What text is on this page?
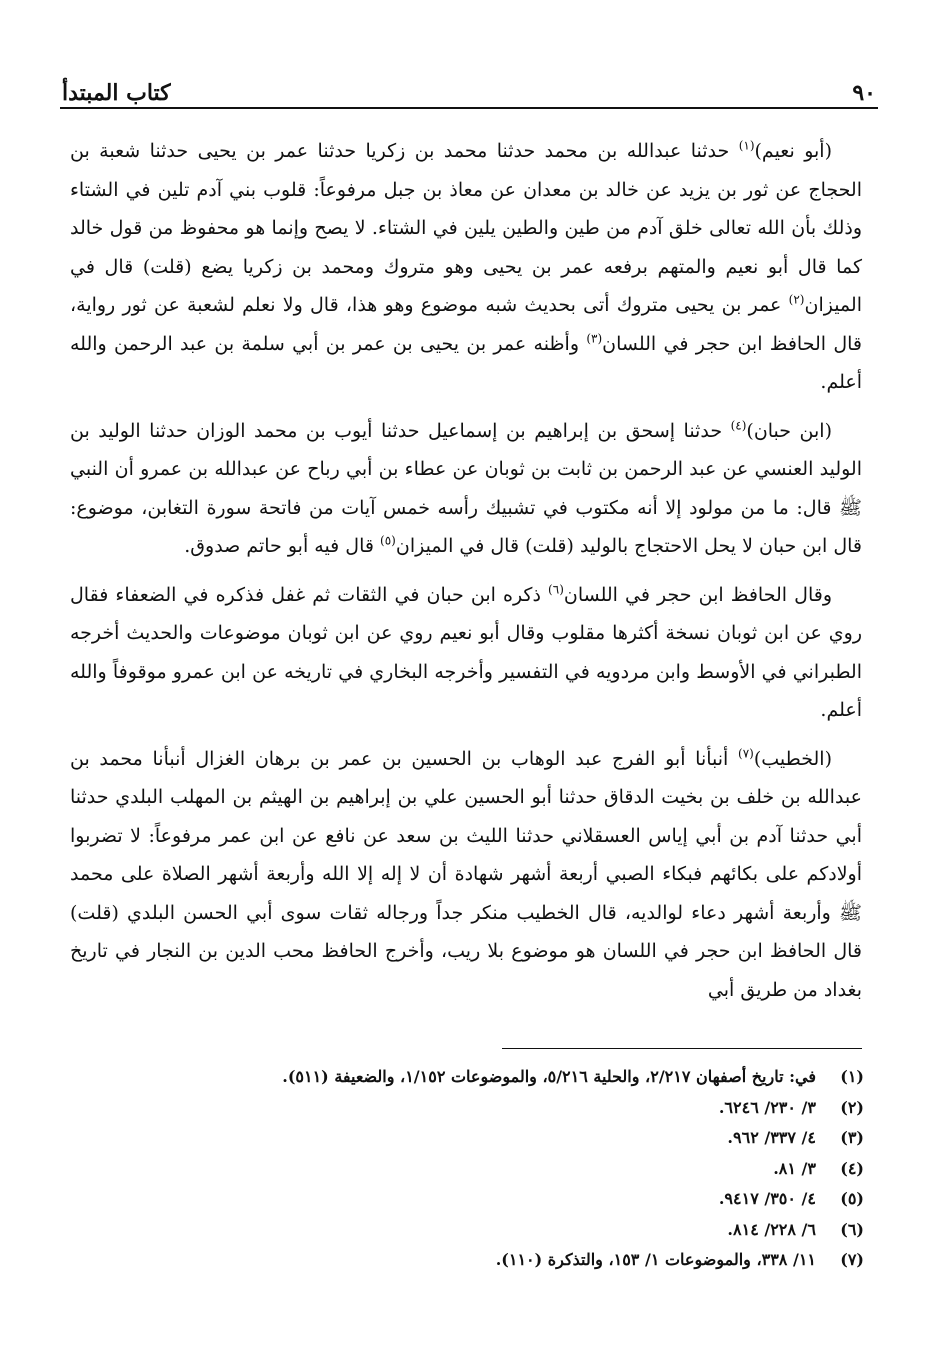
٩٠
كتاب المبتدأ

(أبو نعيم)$^{(١)}$ حدثنا عبدالله بن محمد حدثنا محمد بن زكريا حدثنا عمر بن يحيى حدثنا شعبة بن الحجاج عن ثور بن يزيد عن خالد بن معدان عن معاذ بن جبل مرفوعاً: قلوب بني آدم تلين في الشتاء وذلك بأن الله تعالى خلق آدم من طين والطين يلين في الشتاء. لا يصح وإنما هو محفوظ من قول خالد كما قال أبو نعيم والمتهم برفعه عمر بن يحيى وهو متروك ومحمد بن زكريا يضع (قلت) قال في الميزان$^{(٢)}$ عمر بن يحيى متروك أتى بحديث شبه موضوع وهو هذا، قال ولا نعلم لشعبة عن ثور رواية، قال الحافظ ابن حجر في اللسان$^{(٣)}$ وأظنه عمر بن يحيى بن عمر بن أبي سلمة بن عبد الرحمن والله أعلم.

(ابن حبان)$^{(٤)}$ حدثنا إسحق بن إبراهيم بن إسماعيل حدثنا أيوب بن محمد الوزان حدثنا الوليد بن الوليد العنسي عن عبد الرحمن بن ثابت بن ثوبان عن عطاء بن أبي رباح عن عبدالله بن عمرو أن النبي ﷺ قال: ما من مولود إلا أنه مكتوب في تشبيك رأسه خمس آيات من فاتحة سورة التغابن، موضوع: قال ابن حبان لا يحل الاحتجاج بالوليد (قلت) قال في الميزان$^{(٥)}$ قال فيه أبو حاتم صدوق.

وقال الحافظ ابن حجر في اللسان$^{(٦)}$ ذكره ابن حبان في الثقات ثم غفل فذكره في الضعفاء فقال روي عن ابن ثوبان نسخة أكثرها مقلوب وقال أبو نعيم روي عن ابن ثوبان موضوعات والحديث أخرجه الطبراني في الأوسط وابن مردويه في التفسير وأخرجه البخاري في تاريخه عن ابن عمرو موقوفاً والله أعلم.

(الخطيب)$^{(٧)}$ أنبأنا أبو الفرج عبد الوهاب بن الحسين بن عمر بن برهان الغزال أنبأنا محمد بن عبدالله بن خلف بن بخيت الدقاق حدثنا أبو الحسين علي بن إبراهيم بن الهيثم بن المهلب البلدي حدثنا أبي حدثنا آدم بن أبي إياس العسقلاني حدثنا الليث بن سعد عن نافع عن ابن عمر مرفوعاً: لا تضربوا أولادكم على بكائهم فبكاء الصبي أربعة أشهر شهادة أن لا إله إلا الله وأربعة أشهر الصلاة على محمد ﷺ وأربعة أشهر دعاء لوالديه، قال الخطيب منكر جداً ورجاله ثقات سوى أبي الحسن البلدي (قلت) قال الحافظ ابن حجر في اللسان هو موضوع بلا ريب، وأخرج الحافظ محب الدين بن النجار في تاريخ بغداد من طريق أبي

(١)
في: تاريخ أصفهان ٢/٢١٧، والحلية ٥/٢١٦، والموضوعات ١/١٥٢، والضعيفة (٥١١).
(٢)
٣/ ٢٣٠/ ٦٢٤٦.
(٣)
٤/ ٣٣٧/ ٩٦٢.
(٤)
٣/ ٨١.
(٥)
٤/ ٣٥٠/ ٩٤١٧.
(٦)
٦/ ٢٢٨/ ٨١٤.
(٧)
١١/ ٣٣٨، والموضوعات ١/ ١٥٣، والتذكرة (١١٠).
